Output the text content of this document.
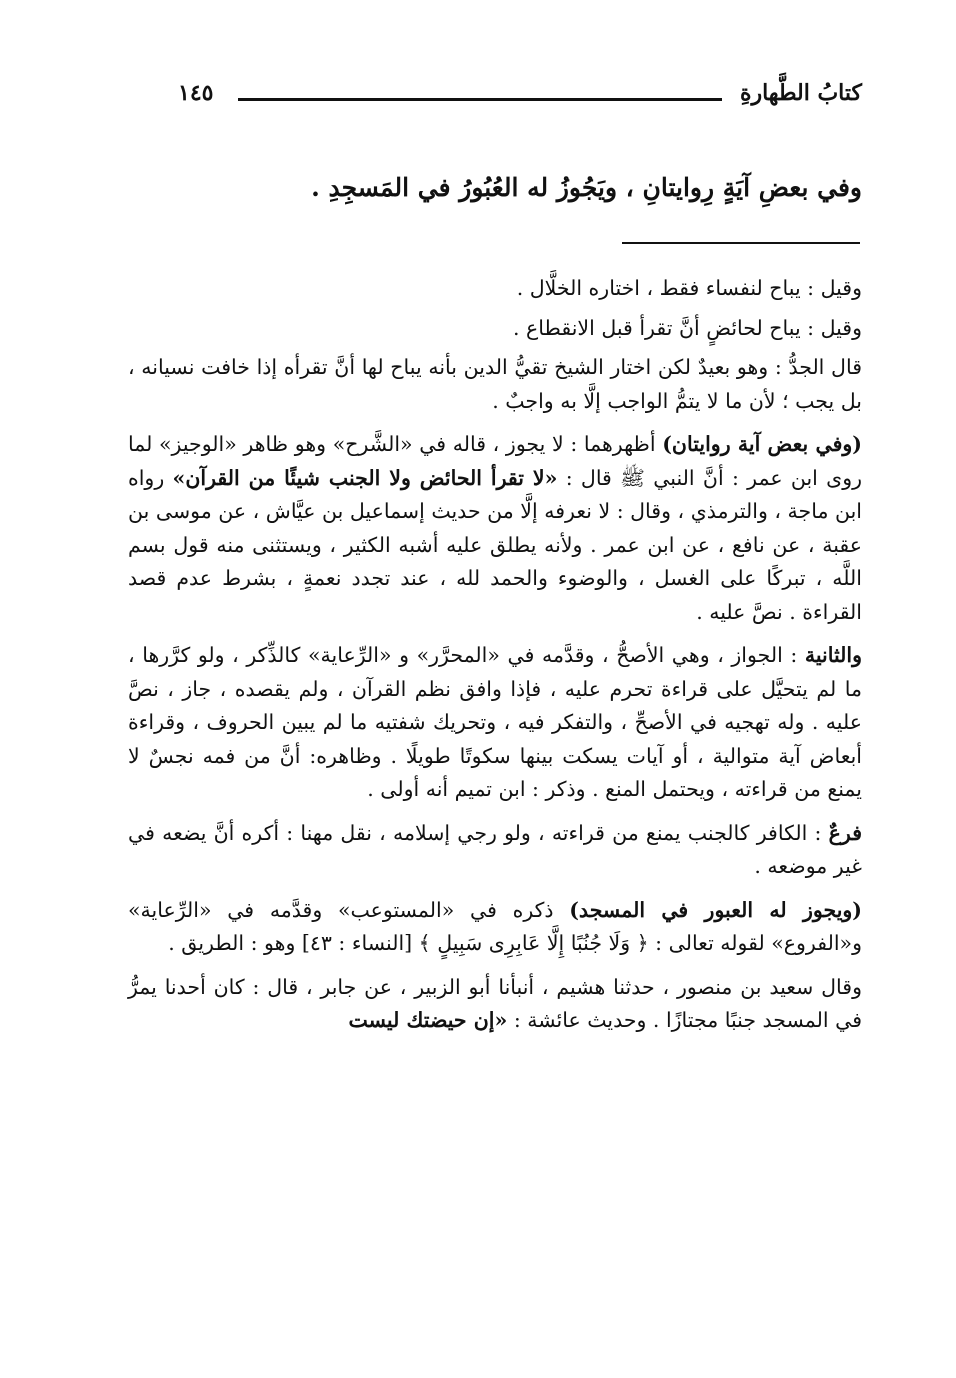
كتابُ الطَّهارةِ
١٤٥
وفي بعضِ آيَةٍ رِوايتانِ ، ويَجُوزُ له العُبُورُ في المَسجِدِ .

وقيل : يباح لنفساء فقط ، اختاره الخلَّال .

وقيل : يباح لحائضٍ أنَّ تقرأ قبل الانقطاع .

قال الجدُّ : وهو بعيدٌ لكن اختار الشيخ تقيُّ الدين بأنه يباح لها أنَّ تقرأه إذا خافت نسيانه ، بل يجب ؛ لأن ما لا يتمُّ الواجب إلَّا به واجبٌ .

(وفي بعض آية روايتان) أظهرهما : لا يجوز ، قاله في «الشَّرح» وهو ظاهر «الوجيز» لما روى ابن عمر : أنَّ النبي ﷺ قال : «لا تقرأ الحائض ولا الجنب شيئًا من القرآن» رواه ابن ماجة ، والترمذي ، وقال : لا نعرفه إلَّا من حديث إسماعيل بن عيَّاش ، عن موسى بن عقبة ، عن نافع ، عن ابن عمر . ولأنه يطلق عليه أشبه الكثير ، ويستثنى منه قول بسم اللَّه ، تبركًا على الغسل ، والوضوء والحمد لله ، عند تجدد نعمةٍ ، بشرط عدم قصد القراءة . نصَّ عليه .

والثانية : الجواز ، وهي الأصحُّ ، وقدَّمه في «المحرَّر» و «الرِّعاية» كالذِّكر ، ولو كرَّرها ، ما لم يتحيَّل على قراءة تحرم عليه ، فإذا وافق نظم القرآن ، ولم يقصده ، جاز ، نصَّ عليه . وله تهجيه في الأصحِّ ، والتفكر فيه ، وتحريك شفتيه ما لم يبين الحروف ، وقراءة أبعاض آية متوالية ، أو آيات يسكت بينها سكوتًا طويلًا . وظاهره: أنَّ من فمه نجسٌ لا يمنع من قراءته ، ويحتمل المنع . وذكر : ابن تميم أنه أولى .

فرعٌ : الكافر كالجنب يمنع من قراءته ، ولو رجي إسلامه ، نقل مهنا : أكره أنَّ يضعه في غير موضعه .

(ويجوز له العبور في المسجد) ذكره في «المستوعب» وقدَّمه في «الرِّعاية» و«الفروع» لقوله تعالى : ﴿ وَلَا جُنُبًا إِلَّا عَابِرِى سَبِيلٍ ﴾ [النساء : ٤٣] وهو : الطريق .

وقال سعيد بن منصور ، حدثنا هشيم ، أنبأنا أبو الزبير ، عن جابر ، قال : كان أحدنا يمرُّ في المسجد جنبًا مجتازًا . وحديث عائشة : «إن حيضتك ليست
